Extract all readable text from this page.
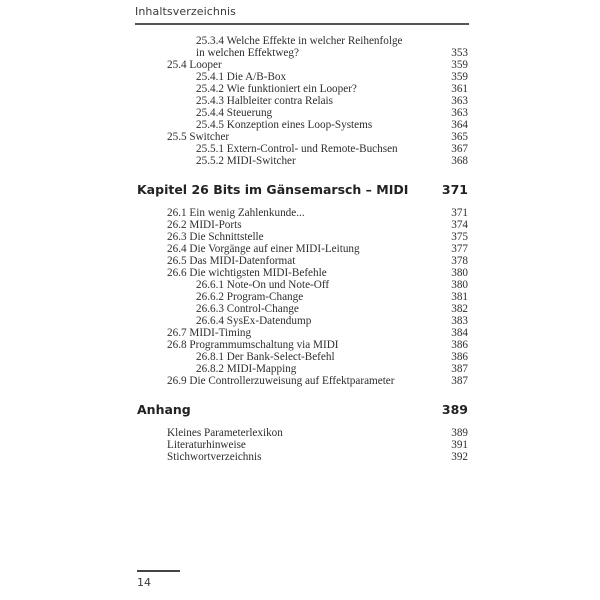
Inhaltsverzeichnis
25.3.4 Welche Effekte in welcher Reihenfolge
in welchen Effektweg?	353
25.4 Looper	359
25.4.1 Die A/B-Box	359
25.4.2 Wie funktioniert ein Looper?	361
25.4.3 Halbleiter contra Relais	363
25.4.4 Steuerung	363
25.4.5 Konzeption eines Loop-Systems	364
25.5 Switcher	365
25.5.1 Extern-Control- und Remote-Buchsen	367
25.5.2 MIDI-Switcher	368
Kapitel 26 Bits im Gänsemarsch – MIDI	371
26.1 Ein wenig Zahlenkunde...	371
26.2 MIDI-Ports	374
26.3 Die Schnittstelle	375
26.4 Die Vorgänge auf einer MIDI-Leitung	377
26.5 Das MIDI-Datenformat	378
26.6 Die wichtigsten MIDI-Befehle	380
26.6.1 Note-On und Note-Off	380
26.6.2 Program-Change	381
26.6.3 Control-Change	382
26.6.4 SysEx-Datendump	383
26.7 MIDI-Timing	384
26.8 Programmumschaltung via MIDI	386
26.8.1 Der Bank-Select-Befehl	386
26.8.2 MIDI-Mapping	387
26.9 Die Controllerzuweisung auf Effektparameter	387
Anhang	389
Kleines Parameterlexikon	389
Literaturhinweise	391
Stichwortverzeichnis	392
14
